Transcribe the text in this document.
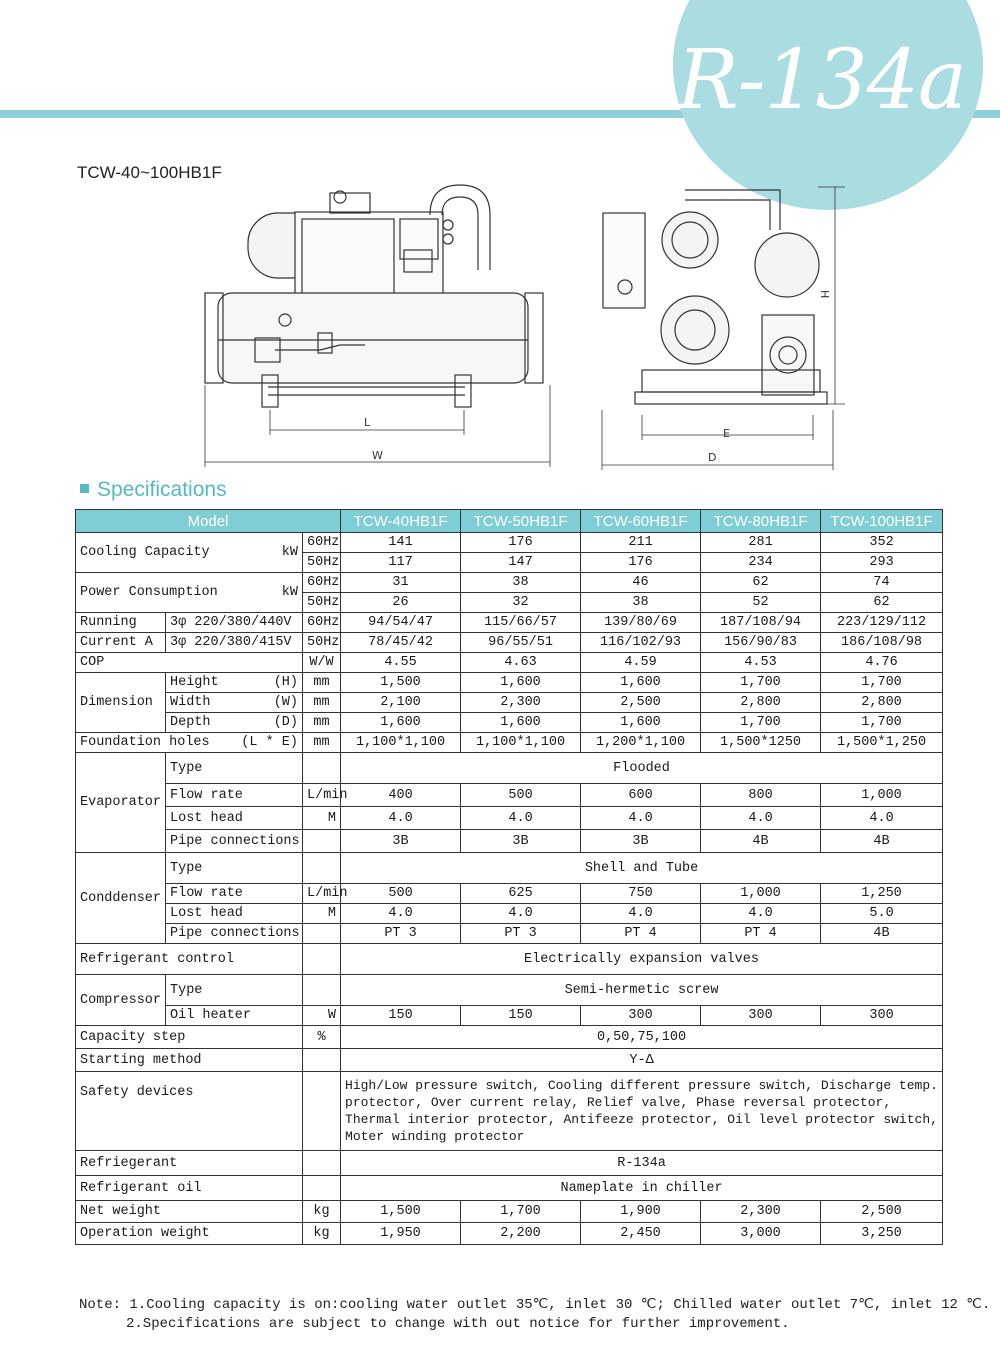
R-134a
TCW-40~100HB1F
L
W
E
D
H
Specifications
Model			TCW-40HB1F	TCW-50HB1F	TCW-60HB1F	TCW-80HB1F	TCW-100HB1F
Cooling Capacity kW		60Hz	141	176	211	281	352
		50Hz	117	147	176	234	293
Power Consumption kW		60Hz	31	38	46	62	74
		50Hz	26	32	38	52	62
Running	3φ 220/380/440V	60Hz	94/54/47	115/66/57	139/80/69	187/108/94	223/129/112
Current A	3φ 220/380/415V	50Hz	78/45/42	96/55/51	116/102/93	156/90/83	186/108/98
COP		W/W	4.55	4.63	4.59	4.53	4.76
Dimension	Height (H)	mm	1,500	1,600	1,600	1,700	1,700
	Width (W)	mm	2,100	2,300	2,500	2,800	2,800
	Depth (D)	mm	1,600	1,600	1,600	1,700	1,700
Foundation holes (L * E)		mm	1,100*1,100	1,100*1,100	1,200*1,100	1,500*1250	1,500*1,250
Evaporator	Type		Flooded				
	Flow rate	L/min	400	500	600	800	1,000
	Lost head	M	4.0	4.0	4.0	4.0	4.0
	Pipe connections		3B	3B	3B	4B	4B
Conddenser	Type		Shell and Tube				
	Flow rate	L/min	500	625	750	1,000	1,250
	Lost head	M	4.0	4.0	4.0	4.0	5.0
	Pipe connections		PT 3	PT 3	PT 4	PT 4	4B
Refrigerant control			Electrically expansion valves				
Compressor	Type		Semi-hermetic screw				
	Oil heater	W	150	150	300	300	300
Capacity step		%	0,50,75,100				
Starting method			Y-Δ				
Safety devices			High/Low pressure switch, Cooling different pressure switch, Discharge temp. protector, Over current relay, Relief valve, Phase reversal protector, Thermal interior protector, Antifeeze protector, Oil level protector switch, Moter winding protector				
Refriegerant			R-134a				
Refrigerant oil			Nameplate in chiller				
Net weight		kg	1,500	1,700	1,900	2,300	2,500
Operation weight		kg	1,950	2,200	2,450	3,000	3,250
Note: 1.Cooling capacity is on:cooling water outlet 35℃, inlet 30 ℃; Chilled water outlet 7℃, inlet 12 ℃.
2.Specifications are subject to change with out notice for further improvement.
